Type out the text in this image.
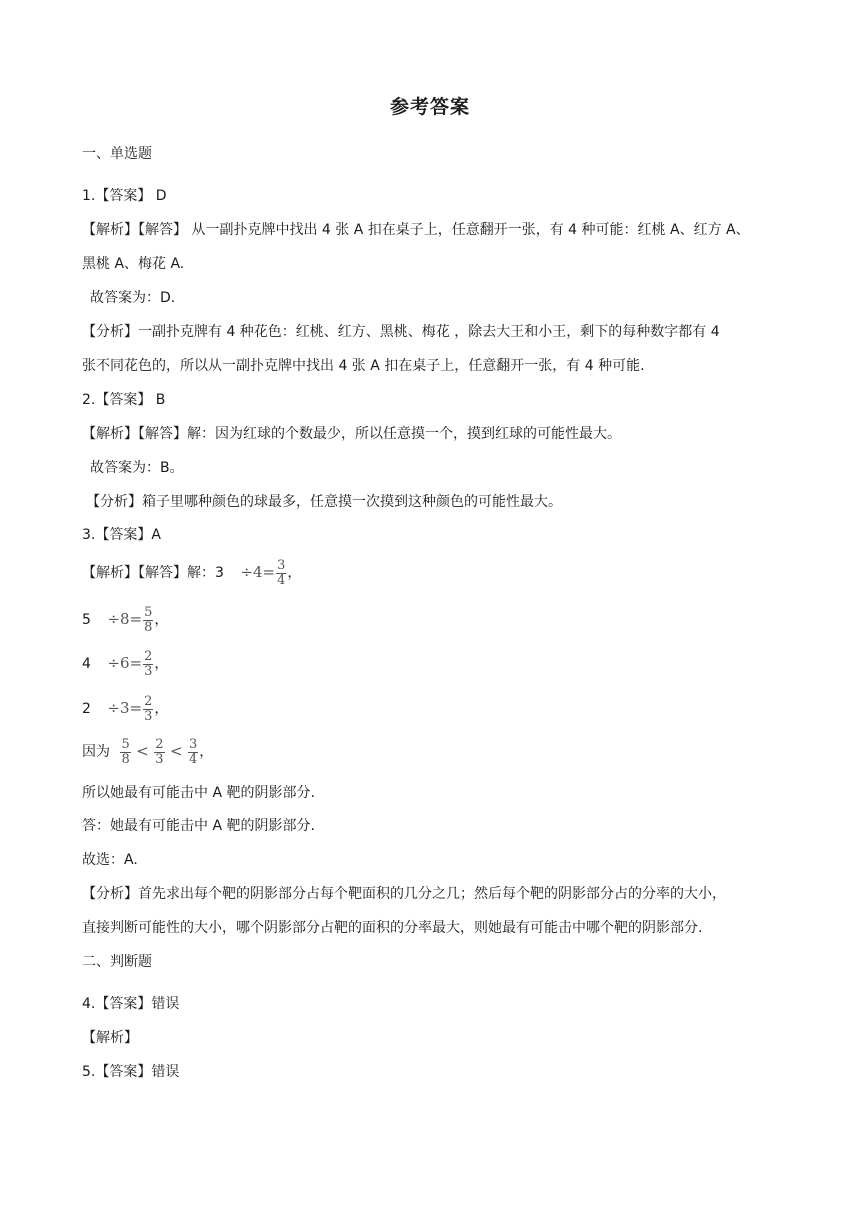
参考答案
一、单选题
1.【答案】 D
【解析】【解答】 从一副扑克牌中找出 4 张 A 扣在桌子上，任意翻开一张，有 4 种可能：红桃 A、红方 A、
黑桃 A、梅花 A.
故答案为：D.
【分析】一副扑克牌有 4 种花色：红桃、红方、黑桃、梅花 ，除去大王和小王，剩下的每种数字都有 4
张不同花色的，所以从一副扑克牌中找出 4 张 A 扣在桌子上，任意翻开一张，有 4 种可能.
2.【答案】 B
【解析】【解答】解：因为红球的个数最少，所以任意摸一个，摸到红球的可能性最大。
故答案为：B。
【分析】箱子里哪种颜色的球最多，任意摸一次摸到这种颜色的可能性最大。
3.【答案】A
【解析】【解答】解：$3 \div 4= \frac{3}{4}$ ，
$5 \div 8= \frac{5}{8}$ ，
$4 \div 6= \frac{2}{3}$ ，
$2 \div 3= \frac{2}{3}$ ，
因为 $\frac{5}{8} < \frac{2}{3} < \frac{3}{4}$ ，
所以她最有可能击中 A 靶的阴影部分.
答：她最有可能击中 A 靶的阴影部分.
故选：A.
【分析】首先求出每个靶的阴影部分占每个靶面积的几分之几；然后每个靶的阴影部分占的分率的大小，
直接判断可能性的大小，哪个阴影部分占靶的面积的分率最大，则她最有可能击中哪个靶的阴影部分.
二、判断题
4.【答案】错误
【解析】
5.【答案】错误
